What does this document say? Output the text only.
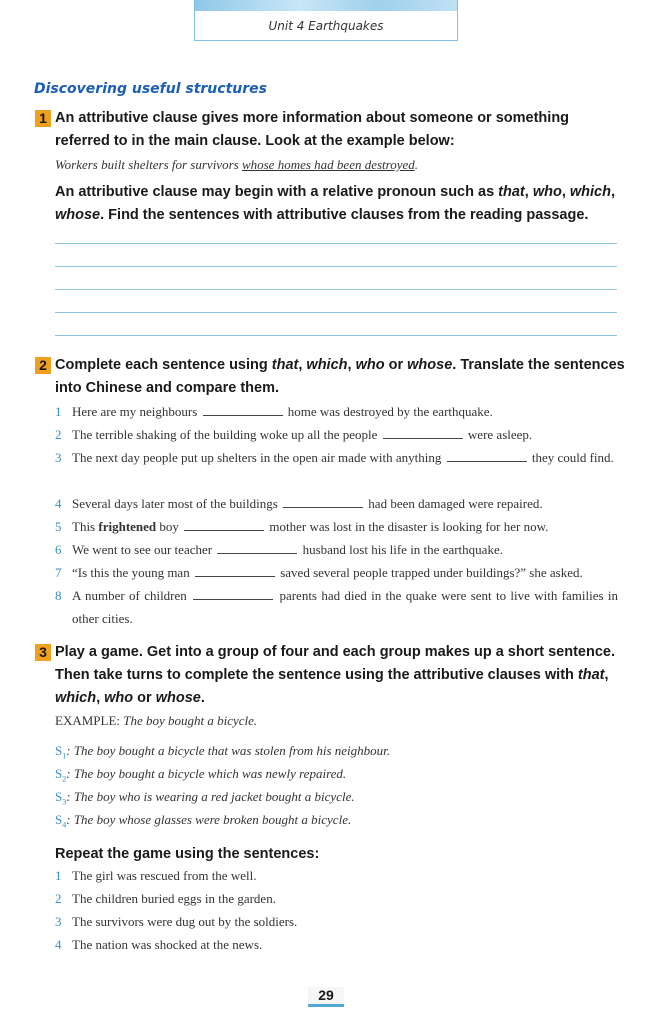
Unit 4 Earthquakes
Discovering useful structures
1 An attributive clause gives more information about someone or something referred to in the main clause. Look at the example below:

Workers built shelters for survivors whose homes had been destroyed.

An attributive clause may begin with a relative pronoun such as that, who, which, whose. Find the sentences with attributive clauses from the reading passage.

2 Complete each sentence using that, which, who or whose. Translate the sentences into Chinese and compare them.

1 Here are my neighbours	home was destroyed by the earthquake.
2 The terrible shaking of the building woke up all the people	were asleep.
3 The next day people put up shelters in the open air made with anything	they could find.
4 Several days later most of the buildings	had been damaged were repaired.
5 This frightened boy	mother was lost in the disaster is looking for her now.
6 We went to see our teacher	husband lost his life in the earthquake.
7 “Is this the young man	saved several people trapped under buildings?” she asked.
8 A number of children	parents had died in the quake were sent to live with families in other cities.
3 Play a game. Get into a group of four and each group makes up a short sentence. Then take turns to complete the sentence using the attributive clauses with that, which, who or whose.

EXAMPLE: The boy bought a bicycle.
$S_1$: The boy bought a bicycle that was stolen from his neighbour.
$S_2$: The boy bought a bicycle which was newly repaired.
$S_3$: The boy who is wearing a red jacket bought a bicycle.
$S_4$: The boy whose glasses were broken bought a bicycle.
Repeat the game using the sentences:
1 The girl was rescued from the well.
2 The children buried eggs in the garden.
3 The survivors were dug out by the soldiers.
4 The nation was shocked at the news.
29
